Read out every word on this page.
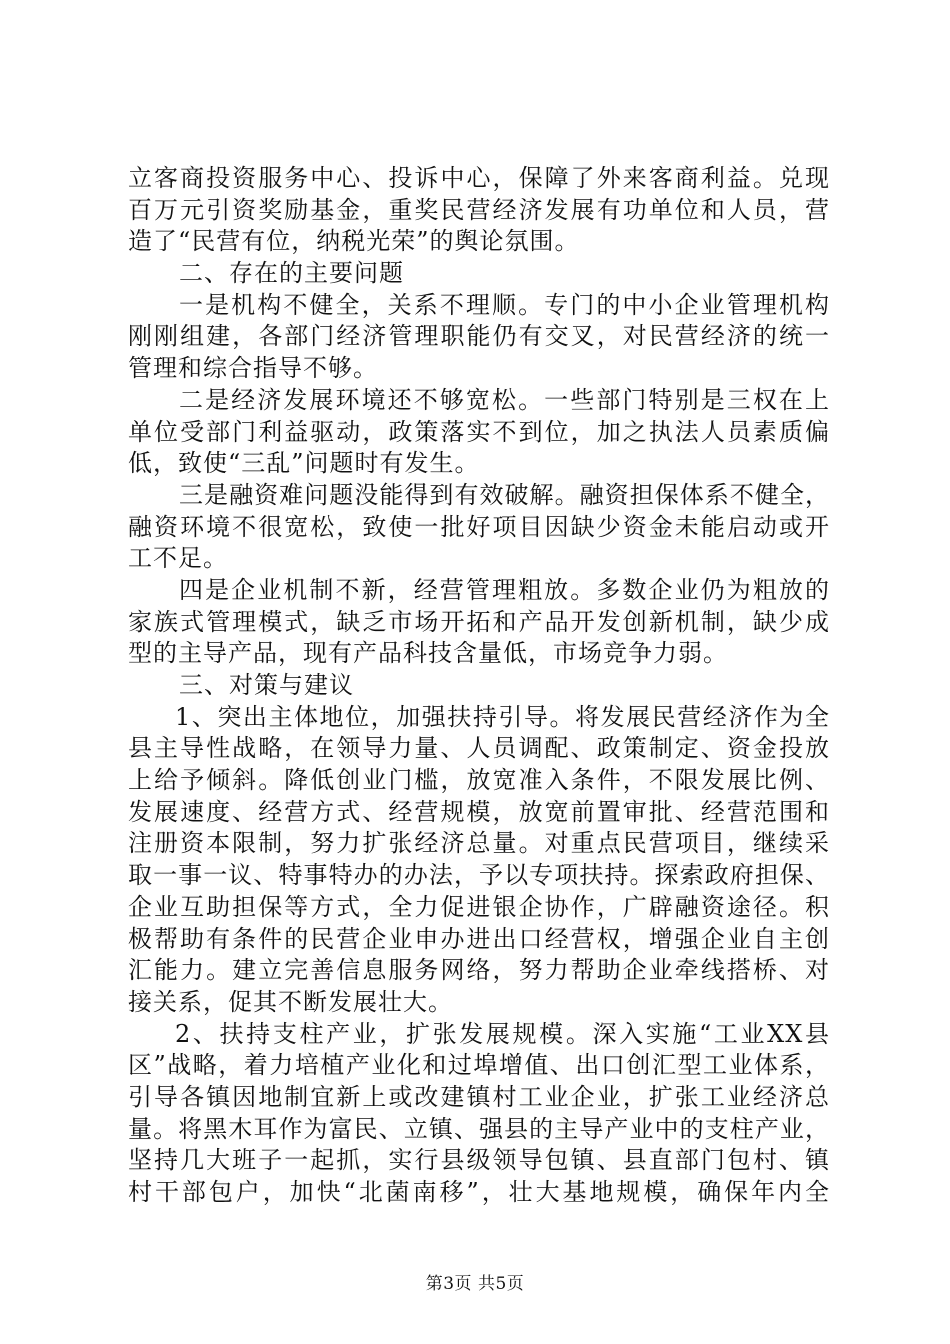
立客商投资服务中心、投诉中心，保障了外来客商利益。兑现
百万元引资奖励基金，重奖民营经济发展有功单位和人员，营
造了“民营有位，纳税光荣”的舆论氛围。
二、存在的主要问题
一是机构不健全，关系不理顺。专门的中小企业管理机构
刚刚组建，各部门经济管理职能仍有交叉，对民营经济的统一
管理和综合指导不够。
二是经济发展环境还不够宽松。一些部门特别是三权在上
单位受部门利益驱动，政策落实不到位，加之执法人员素质偏
低，致使“三乱”问题时有发生。
三是融资难问题没能得到有效破解。融资担保体系不健全，
融资环境不很宽松，致使一批好项目因缺少资金未能启动或开
工不足。
四是企业机制不新，经营管理粗放。多数企业仍为粗放的
家族式管理模式，缺乏市场开拓和产品开发创新机制，缺少成
型的主导产品，现有产品科技含量低，市场竞争力弱。
三、对策与建议
1、突出主体地位，加强扶持引导。将发展民营经济作为全
县主导性战略，在领导力量、人员调配、政策制定、资金投放
上给予倾斜。降低创业门槛，放宽准入条件，不限发展比例、
发展速度、经营方式、经营规模，放宽前置审批、经营范围和
注册资本限制，努力扩张经济总量。对重点民营项目，继续采
取一事一议、特事特办的办法，予以专项扶持。探索政府担保、
企业互助担保等方式，全力促进银企协作，广辟融资途径。积
极帮助有条件的民营企业申办进出口经营权，增强企业自主创
汇能力。建立完善信息服务网络，努力帮助企业牵线搭桥、对
接关系，促其不断发展壮大。
2、扶持支柱产业，扩张发展规模。深入实施“工业XX县
区”战略，着力培植产业化和过埠增值、出口创汇型工业体系，
引导各镇因地制宜新上或改建镇村工业企业，扩张工业经济总
量。将黑木耳作为富民、立镇、强县的主导产业中的支柱产业，
坚持几大班子一起抓，实行县级领导包镇、县直部门包村、镇
村干部包户，加快“北菌南移”，壮大基地规模，确保年内全
第3页 共5页
